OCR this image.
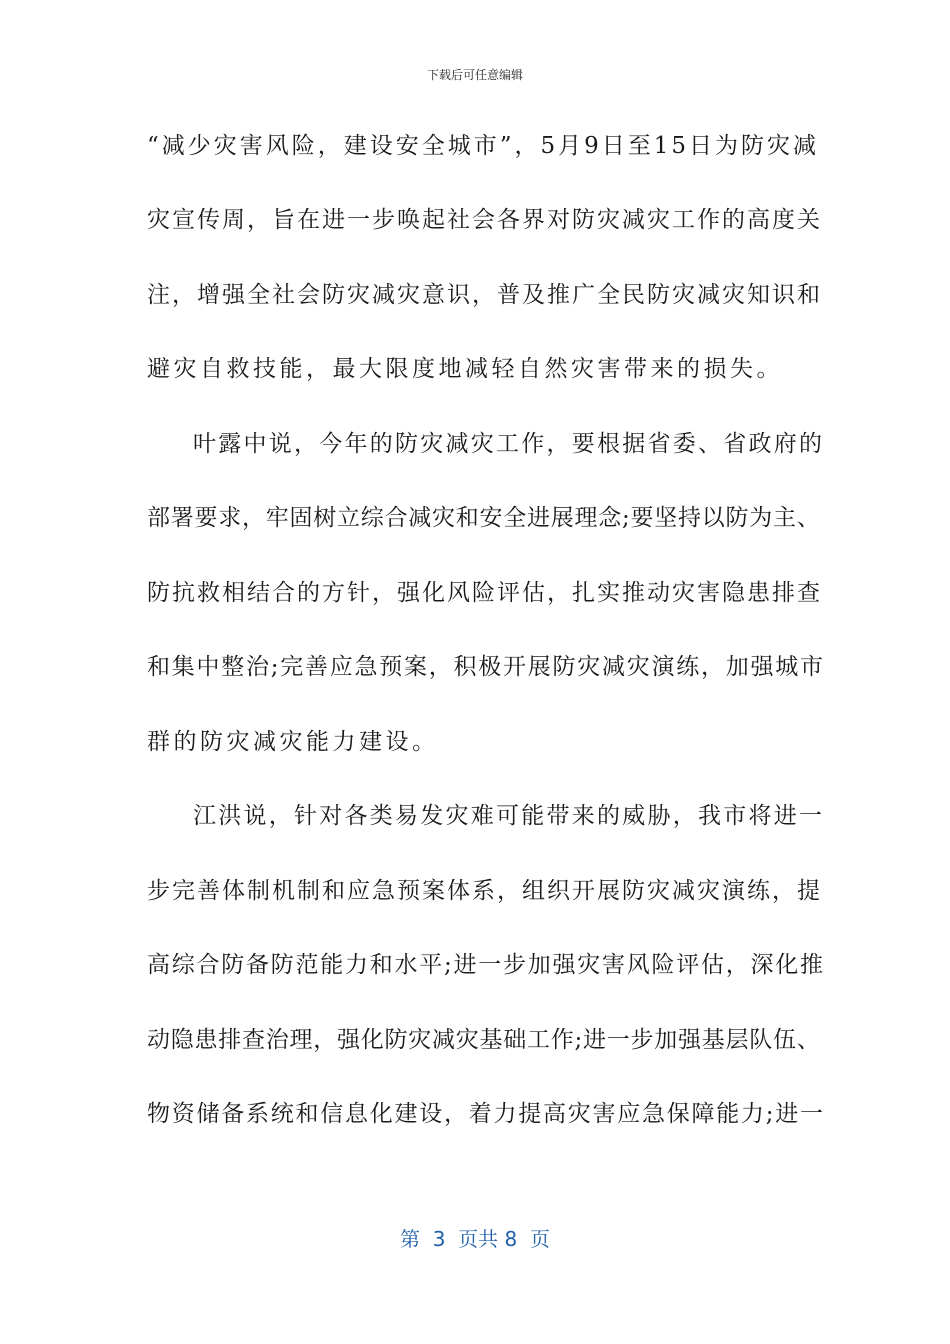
下载后可任意编辑
“减少灾害风险，建设安全城市”，5月9日至15日为防灾减
灾宣传周，旨在进一步唤起社会各界对防灾减灾工作的高度关
注，增强全社会防灾减灾意识，普及推广全民防灾减灾知识和
避灾自救技能，最大限度地减轻自然灾害带来的损失。
叶露中说，今年的防灾减灾工作，要根据省委、省政府的
部署要求，牢固树立综合减灾和安全进展理念;要坚持以防为主、
防抗救相结合的方针，强化风险评估，扎实推动灾害隐患排查
和集中整治;完善应急预案，积极开展防灾减灾演练，加强城市
群的防灾减灾能力建设。
江洪说，针对各类易发灾难可能带来的威胁，我市将进一
步完善体制机制和应急预案体系，组织开展防灾减灾演练，提
高综合防备防范能力和水平;进一步加强灾害风险评估，深化推
动隐患排查治理，强化防灾减灾基础工作;进一步加强基层队伍、
物资储备系统和信息化建设，着力提高灾害应急保障能力;进一
第  3  页共 8  页
